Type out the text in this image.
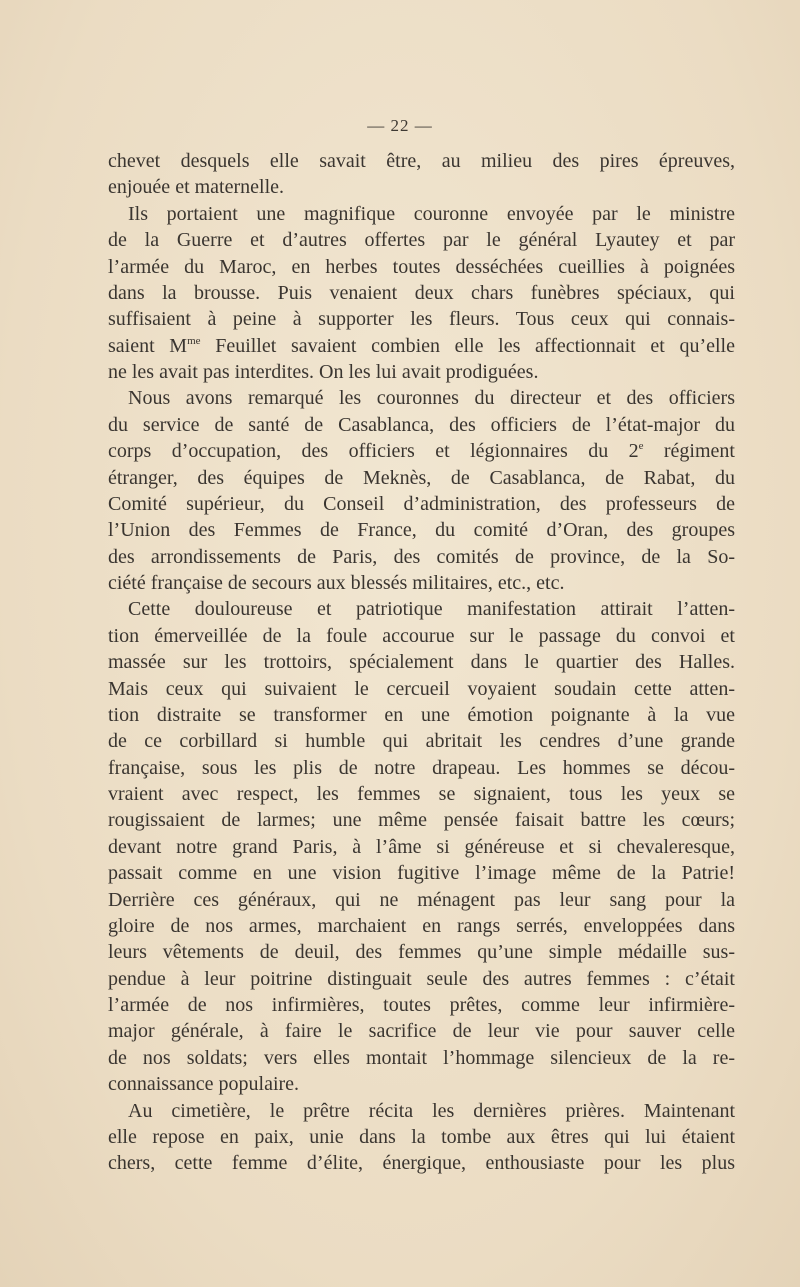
— 22 —
chevet desquels elle savait être, au milieu des pires épreuves,
enjouée et maternelle.
Ils portaient une magnifique couronne envoyée par le ministre
de la Guerre et d’autres offertes par le général Lyautey et par
l’armée du Maroc, en herbes toutes desséchées cueillies à poignées
dans la brousse. Puis venaient deux chars funèbres spéciaux, qui
suffisaient à peine à supporter les fleurs. Tous ceux qui connais-
saient $M^{me}$ Feuillet savaient combien elle les affectionnait et qu’elle
ne les avait pas interdites. On les lui avait prodiguées.
Nous avons remarqué les couronnes du directeur et des officiers
du service de santé de Casablanca, des officiers de l’état-major du
corps d’occupation, des officiers et légionnaires du 2e régiment
étranger, des équipes de Meknès, de Casablanca, de Rabat, du
Comité supérieur, du Conseil d’administration, des professeurs de
l’Union des Femmes de France, du comité d’Oran, des groupes
des arrondissements de Paris, des comités de province, de la So-
ciété française de secours aux blessés militaires, etc., etc.
Cette douloureuse et patriotique manifestation attirait l’atten-
tion émerveillée de la foule accourue sur le passage du convoi et
massée sur les trottoirs, spécialement dans le quartier des Halles.
Mais ceux qui suivaient le cercueil voyaient soudain cette atten-
tion distraite se transformer en une émotion poignante à la vue
de ce corbillard si humble qui abritait les cendres d’une grande
française, sous les plis de notre drapeau. Les hommes se décou-
vraient avec respect, les femmes se signaient, tous les yeux se
rougissaient de larmes; une même pensée faisait battre les cœurs;
devant notre grand Paris, à l’âme si généreuse et si chevaleresque,
passait comme en une vision fugitive l’image même de la Patrie!
Derrière ces généraux, qui ne ménagent pas leur sang pour la
gloire de nos armes, marchaient en rangs serrés, enveloppées dans
leurs vêtements de deuil, des femmes qu’une simple médaille sus-
pendue à leur poitrine distinguait seule des autres femmes : c’était
l’armée de nos infirmières, toutes prêtes, comme leur infirmière-
major générale, à faire le sacrifice de leur vie pour sauver celle
de nos soldats; vers elles montait l’hommage silencieux de la re-
connaissance populaire.
Au cimetière, le prêtre récita les dernières prières. Maintenant
elle repose en paix, unie dans la tombe aux êtres qui lui étaient
chers, cette femme d’élite, énergique, enthousiaste pour les plus
